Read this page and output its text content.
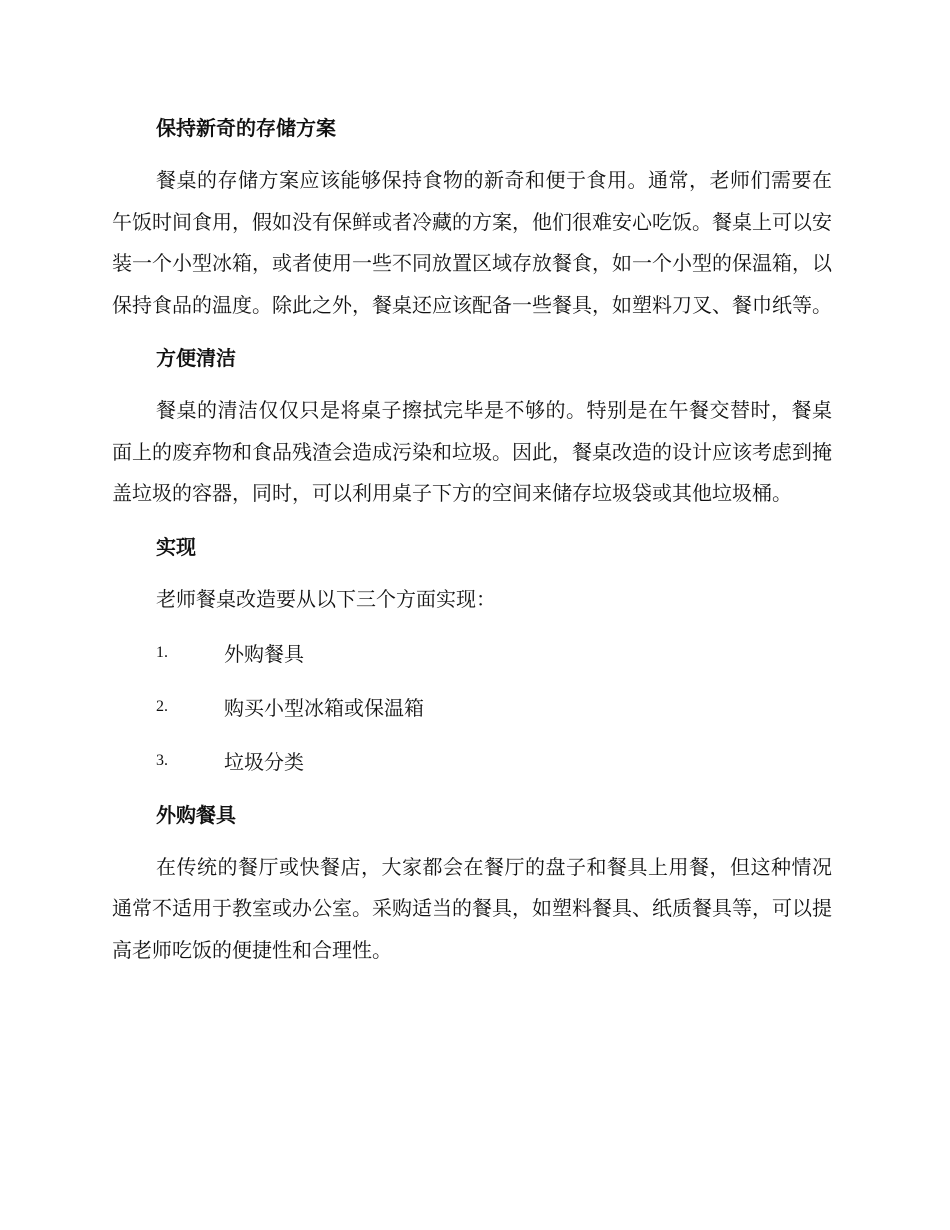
保持新奇的存储方案

餐桌的存储方案应该能够保持食物的新奇和便于食用。通常，老师们需要在午饭时间食用，假如没有保鲜或者冷藏的方案，他们很难安心吃饭。餐桌上可以安装一个小型冰箱，或者使用一些不同放置区域存放餐食，如一个小型的保温箱，以保持食品的温度。除此之外，餐桌还应该配备一些餐具，如塑料刀叉、餐巾纸等。

方便清洁

餐桌的清洁仅仅只是将桌子擦拭完毕是不够的。特别是在午餐交替时，餐桌面上的废弃物和食品残渣会造成污染和垃圾。因此，餐桌改造的设计应该考虑到掩盖垃圾的容器，同时，可以利用桌子下方的空间来储存垃圾袋或其他垃圾桶。

实现
老师餐桌改造要从以下三个方面实现：
1.	外购餐具
2.	购买小型冰箱或保温箱
3.	垃圾分类
外购餐具

在传统的餐厅或快餐店，大家都会在餐厅的盘子和餐具上用餐，但这种情况通常不适用于教室或办公室。采购适当的餐具，如塑料餐具、纸质餐具等，可以提高老师吃饭的便捷性和合理性。
